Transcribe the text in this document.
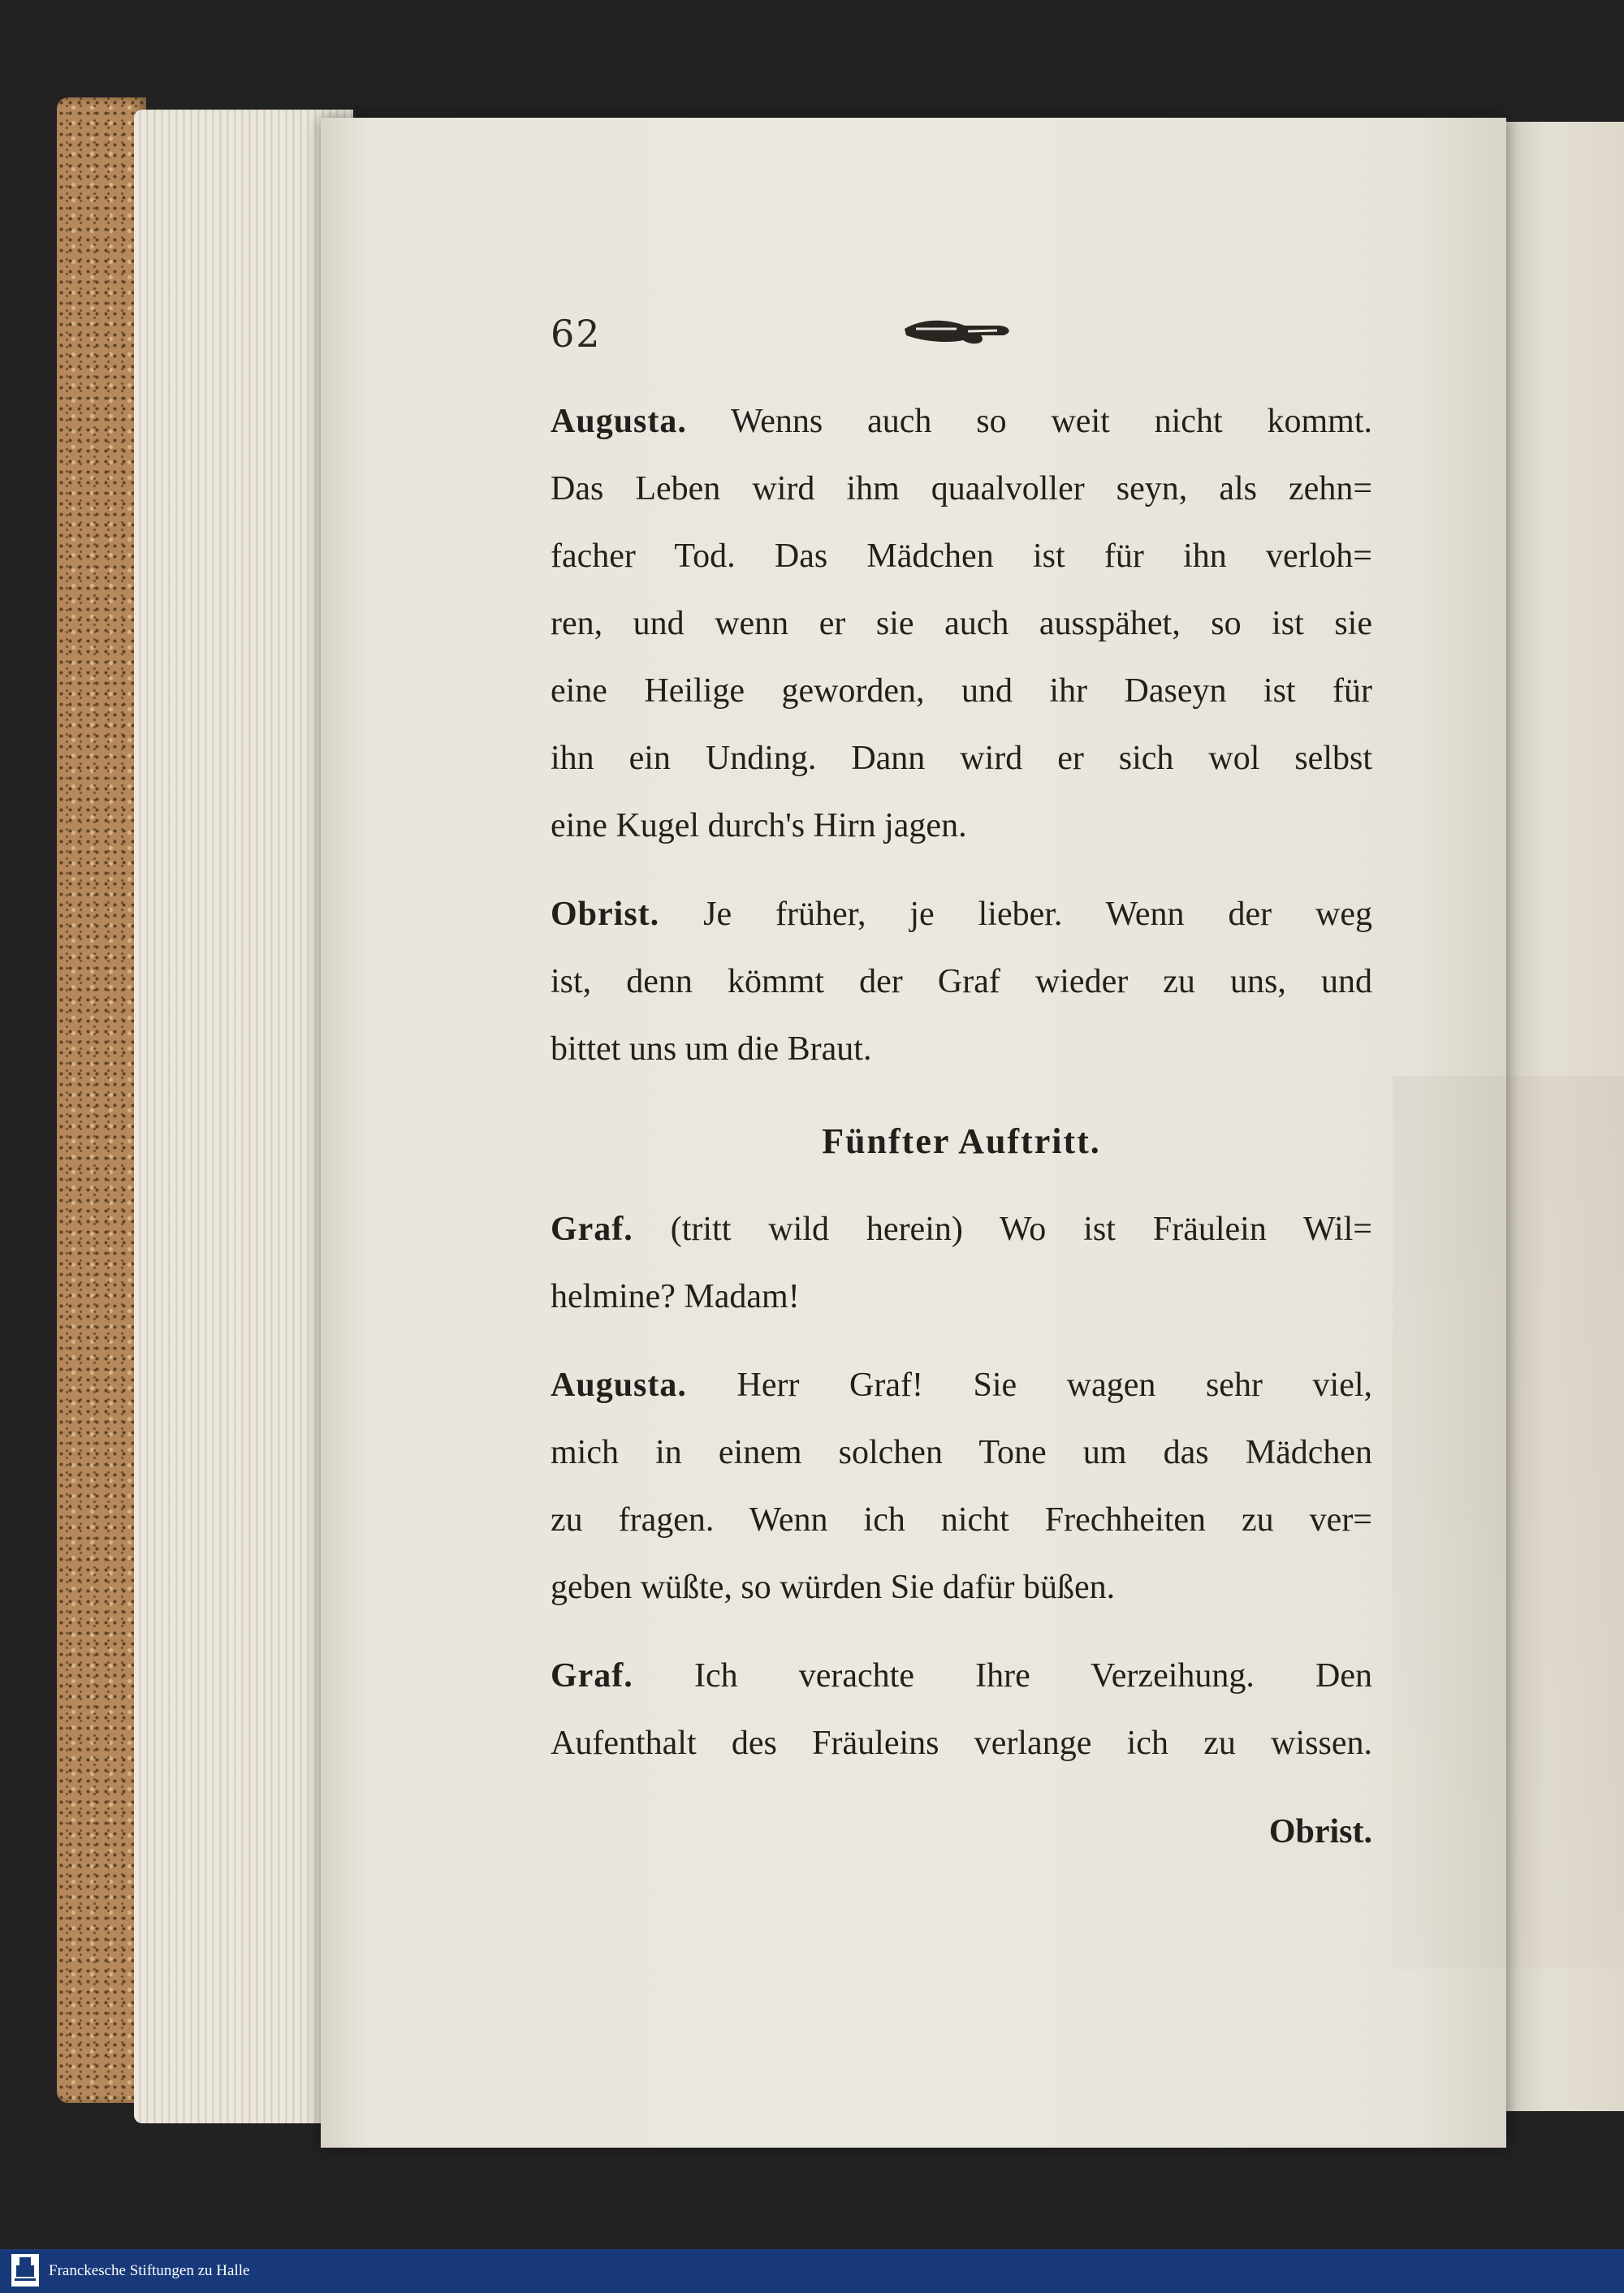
62
Augusta. Wenns auch so weit nicht kommt.
Das Leben wird ihm quaalvoller seyn, als zehn=
facher Tod. Das Mädchen ist für ihn verloh=
ren, und wenn er sie auch ausspähet, so ist sie
eine Heilige geworden, und ihr Daseyn ist für
ihn ein Unding. Dann wird er sich wol selbst
eine Kugel durch's Hirn jagen.
Obrist. Je früher, je lieber. Wenn der weg
ist, denn kömmt der Graf wieder zu uns, und
bittet uns um die Braut.
Fünfter Auftritt.
Graf. (tritt wild herein) Wo ist Fräulein Wil=
helmine? Madam!
Augusta. Herr Graf! Sie wagen sehr viel,
mich in einem solchen Tone um das Mädchen
zu fragen. Wenn ich nicht Frechheiten zu ver=
geben wüßte, so würden Sie dafür büßen.
Graf. Ich verachte Ihre Verzeihung. Den
Aufenthalt des Fräuleins verlange ich zu wissen.
Obrist.
Franckesche Stiftungen zu Halle
